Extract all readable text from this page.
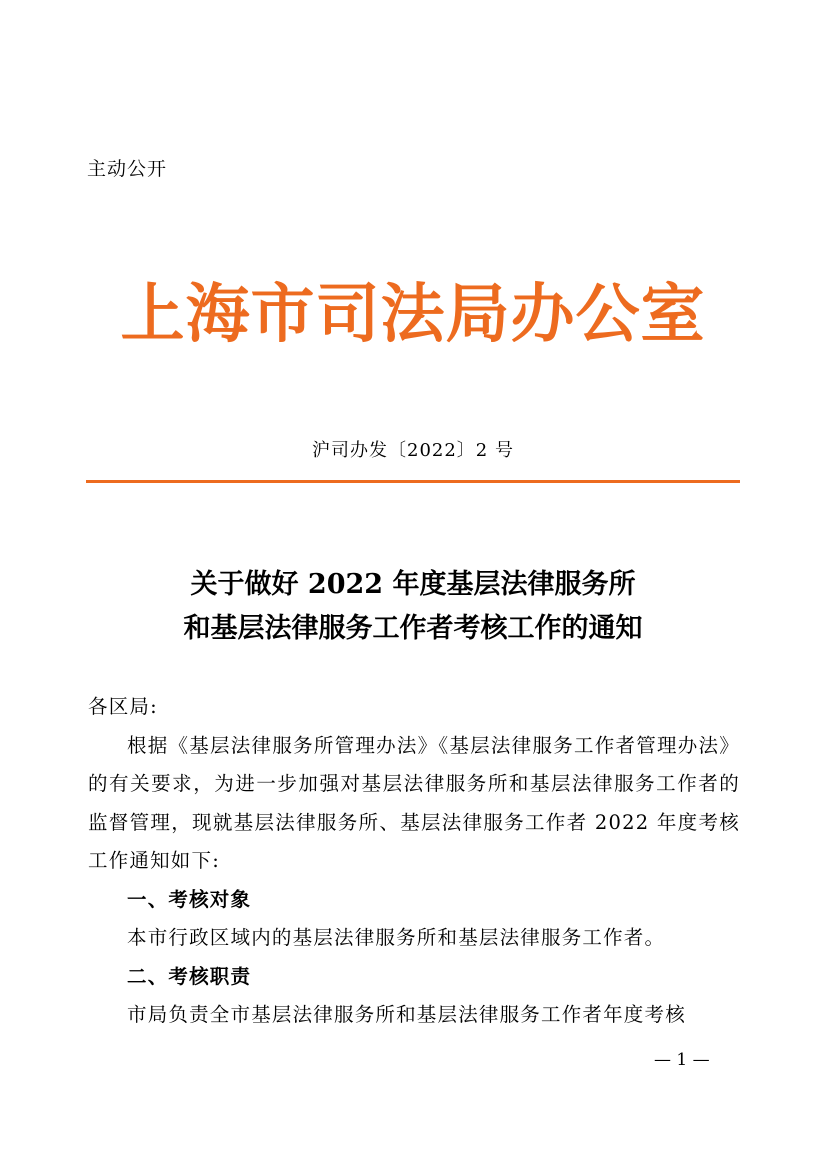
主动公开
上海市司法局办公室
沪司办发〔2022〕2 号
关于做好 2022 年度基层法律服务所
和基层法律服务工作者考核工作的通知

各区局:

根据《基层法律服务所管理办法》《基层法律服务工作者管理办法》的有关要求，为进一步加强对基层法律服务所和基层法律服务工作者的监督管理，现就基层法律服务所、基层法律服务工作者 2022 年度考核工作通知如下:

一、考核对象

本市行政区域内的基层法律服务所和基层法律服务工作者。

二、考核职责

市局负责全市基层法律服务所和基层法律服务工作者年度考核

— 1 —
